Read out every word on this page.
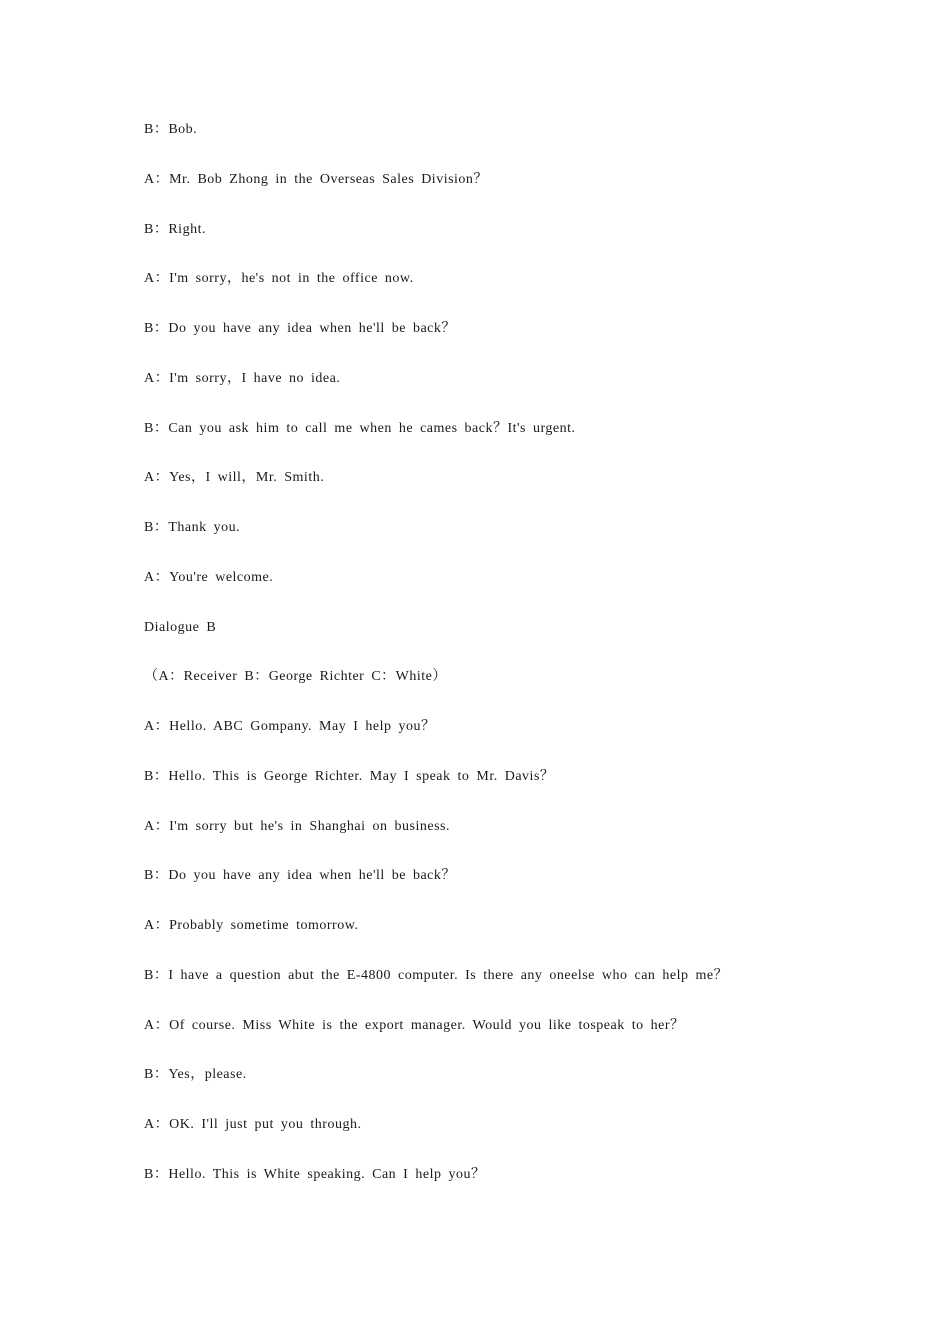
B：Bob.
A：Mr. Bob Zhong in the Overseas Sales Division？
B：Right.
A：I'm sorry，he's not in the office now.
B：Do you have any idea when he'll be back？
A：I'm sorry，I have no idea.
B：Can you ask him to call me when he cames back？It's urgent.
A：Yes，I will，Mr. Smith.
B：Thank you.
A：You're welcome.
Dialogue B
（A：Receiver B：George Richter C：White）
A：Hello. ABC Gompany. May I help you？
B：Hello. This is George Richter. May I speak to Mr. Davis？
A：I'm sorry but he's in Shanghai on business.
B：Do you have any idea when he'll be back？
A：Probably sometime tomorrow.
B：I have a question abut the E-4800 computer. Is there any oneelse who can help me？
A：Of course. Miss White is the export manager. Would you like tospeak to her？
B：Yes，please.
A：OK. I'll just put you through.
B：Hello. This is White speaking. Can I help you？
